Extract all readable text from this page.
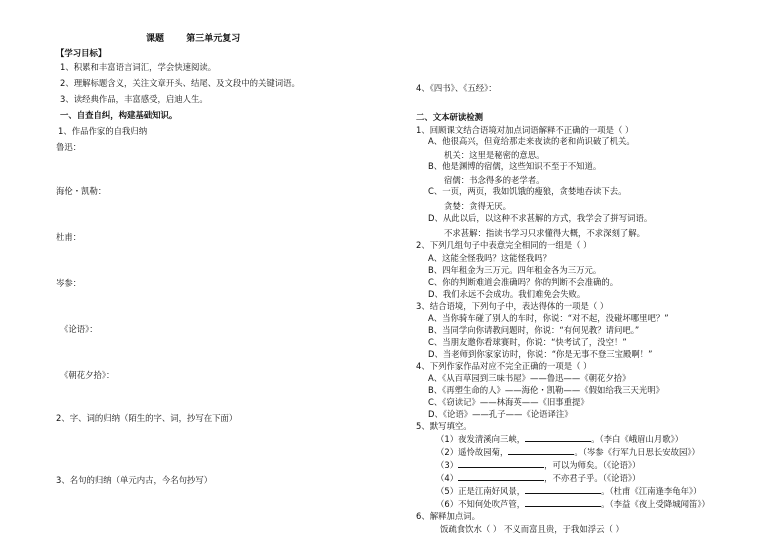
课题 第三单元复习
【学习目标】
1、积累和丰富语言词汇，学会快速阅读。
2、理解标题含义，关注文章开头、结尾、及文段中的关键词语。
3、读经典作品，丰富感受，启迪人生。
一、自查自纠，构建基础知识。
1、作品作家的自我归纳
鲁迅：
海伦・凯勒：
杜甫：
岑参：
《论语》：
《朝花夕拾》：
2、字、词的归纳（陌生的字、词，抄写在下面）
3、名句的归纳（单元内古，今名句抄写）
4、《四书》、《五经》：
二、文本研读检测
1、回顾课文结合语境对加点词语解释不正确的一项是（ ）
A、他很高兴，但竟给那走来夜读的老和尚识破了机关。
机关：这里是秘密的意思。
B、他是渊博的宿儒，这些知识不至于不知道。
宿儒：书念得多的老学者。
C、一页，两页，我如饥饿的瘦狼，贪婪地吞读下去。
贪婪：贪得无厌。
D、从此以后，以这种不求甚解的方式，我学会了拼写词语。
不求甚解：指读书学习只求懂得大概，不求深刻了解。
2、下列几组句子中表意完全相同的一组是（ ）
A、这能全怪我吗？这能怪我吗？
B、四年租金为三万元。四年租金各为三万元。
C、你的判断难道会准确吗？你的判断不会准确的。
D、我们永远不会成功。我们难免会失败。
3、结合语境，下列句子中，表达得体的一项是（ ）
A、当你骑车碰了别人的车时，你说：“对不起，没碰坏哪里吧？”
B、当同学向你请教问题时，你说：“有何见教？请问吧。”
C、当朋友邀你看球赛时，你说：“快考试了，没空！”
D、当老师到你家家访时，你说：“你是无事不登三宝殿啊！”
4、下列作家作品对应不完全正确的一项是（ ）
A、《从百草园到三味书屋》——鲁迅——《朝花夕拾》
B、《再塑生命的人》——海伦・凯勒——《假如给我三天光明》
C、《窃读记》——林海英——《旧事重提》
D、《论语》——孔子——《论语译注》
5、默写填空。
（1）夜发清溪向三峡，	。（李白《峨眉山月歌》）
（2）遥怜故园菊，	。（岑参《行军九日思长安故园》）
（3）	，可以为师矣。（《论语》）
（4）	，不亦君子乎。（《论语》）
（5）正是江南好风景，	。（杜甫《江南逢李龟年》）
（6）不知何处吹芦管，	。（李益《夜上受降城闻笛》）
6、解释加点词。
饭疏食饮水（ ） 不义而富且贵，于我如浮云（ ）
